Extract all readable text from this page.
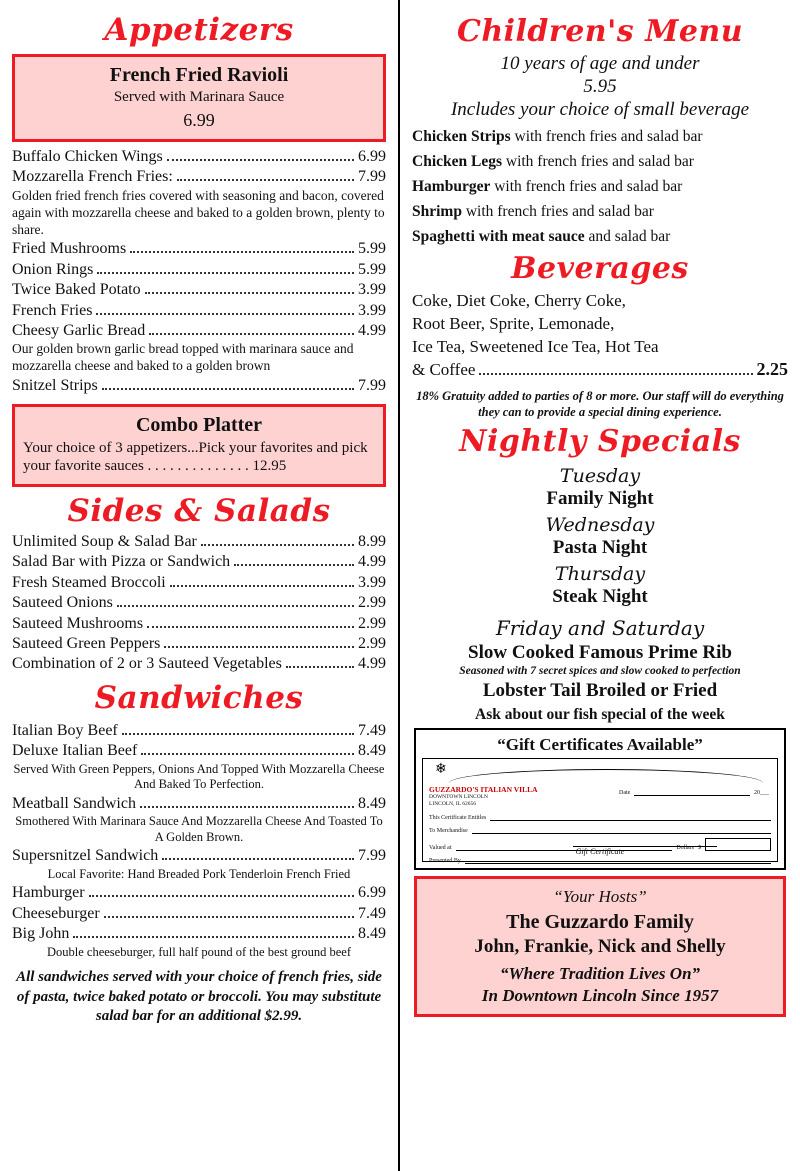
Appetizers
French Fried Ravioli
Served with Marinara Sauce
6.99
Buffalo Chicken Wings	6.99
Mozzarella French Fries:	7.99
Golden fried french fries covered with seasoning and bacon, covered again with mozzarella cheese and baked to a golden brown, plenty to share.
Fried Mushrooms	5.99
Onion Rings	5.99
Twice Baked Potato	3.99
French Fries	3.99
Cheesy Garlic Bread	4.99
Our golden brown garlic bread topped with marinara sauce and mozzarella cheese and baked to a golden brown
Snitzel Strips	7.99
Combo Platter
Your choice of 3 appetizers...Pick your favorites and pick your favorite sauces . . . . . . . . . . . . . . 12.95
Sides & Salads
Unlimited Soup & Salad Bar	8.99
Salad Bar with Pizza or Sandwich	4.99
Fresh Steamed Broccoli	3.99
Sauteed Onions	2.99
Sauteed Mushrooms	2.99
Sauteed Green Peppers	2.99
Combination of 2 or 3 Sauteed Vegetables	4.99
Sandwiches
Italian Boy Beef	7.49
Deluxe Italian Beef	8.49
Served With Green Peppers, Onions And Topped With Mozzarella Cheese And Baked To Perfection.
Meatball Sandwich	8.49
Smothered With Marinara Sauce And Mozzarella Cheese And Toasted To A Golden Brown.
Supersnitzel Sandwich	7.99
Local Favorite: Hand Breaded Pork Tenderloin French Fried
Hamburger	6.99
Cheeseburger	7.49
Big John	8.49
Double cheeseburger, full half pound of the best ground beef
All sandwiches served with your choice of french fries, side of pasta, twice baked potato or broccoli. You may substitute salad bar for an additional $2.99.
Children's Menu
10 years of age and under
5.95
Includes your choice of small beverage
Chicken Strips with french fries and salad bar
Chicken Legs with french fries and salad bar
Hamburger with french fries and salad bar
Shrimp with french fries and salad bar
Spaghetti with meat sauce and salad bar
Beverages
Coke, Diet Coke, Cherry Coke,
Root Beer, Sprite, Lemonade,
Ice Tea, Sweetened Ice Tea, Hot Tea
& Coffee	2.25
18% Gratuity added to parties of 8 or more. Our staff will do everything they can to provide a special dining experience.
Nightly Specials
Tuesday
Family Night
Wednesday
Pasta Night
Thursday
Steak Night
Friday and Saturday
Slow Cooked Famous Prime Rib
Seasoned with 7 secret spices and slow cooked to perfection
Lobster Tail Broiled or Fried
Ask about our fish special of the week
“Gift Certificates Available”
❄
GUZZARDO'S ITALIAN VILLA
DOWNTOWN LINCOLN
LINCOLN, IL 62656
Date	20___
This Certificate Entitles
To Merchandise
Valued at	Dollars $
Presented By
Gift Certificate
“Your Hosts”
The Guzzardo Family
John, Frankie, Nick and Shelly
“Where Tradition Lives On”
In Downtown Lincoln Since 1957
